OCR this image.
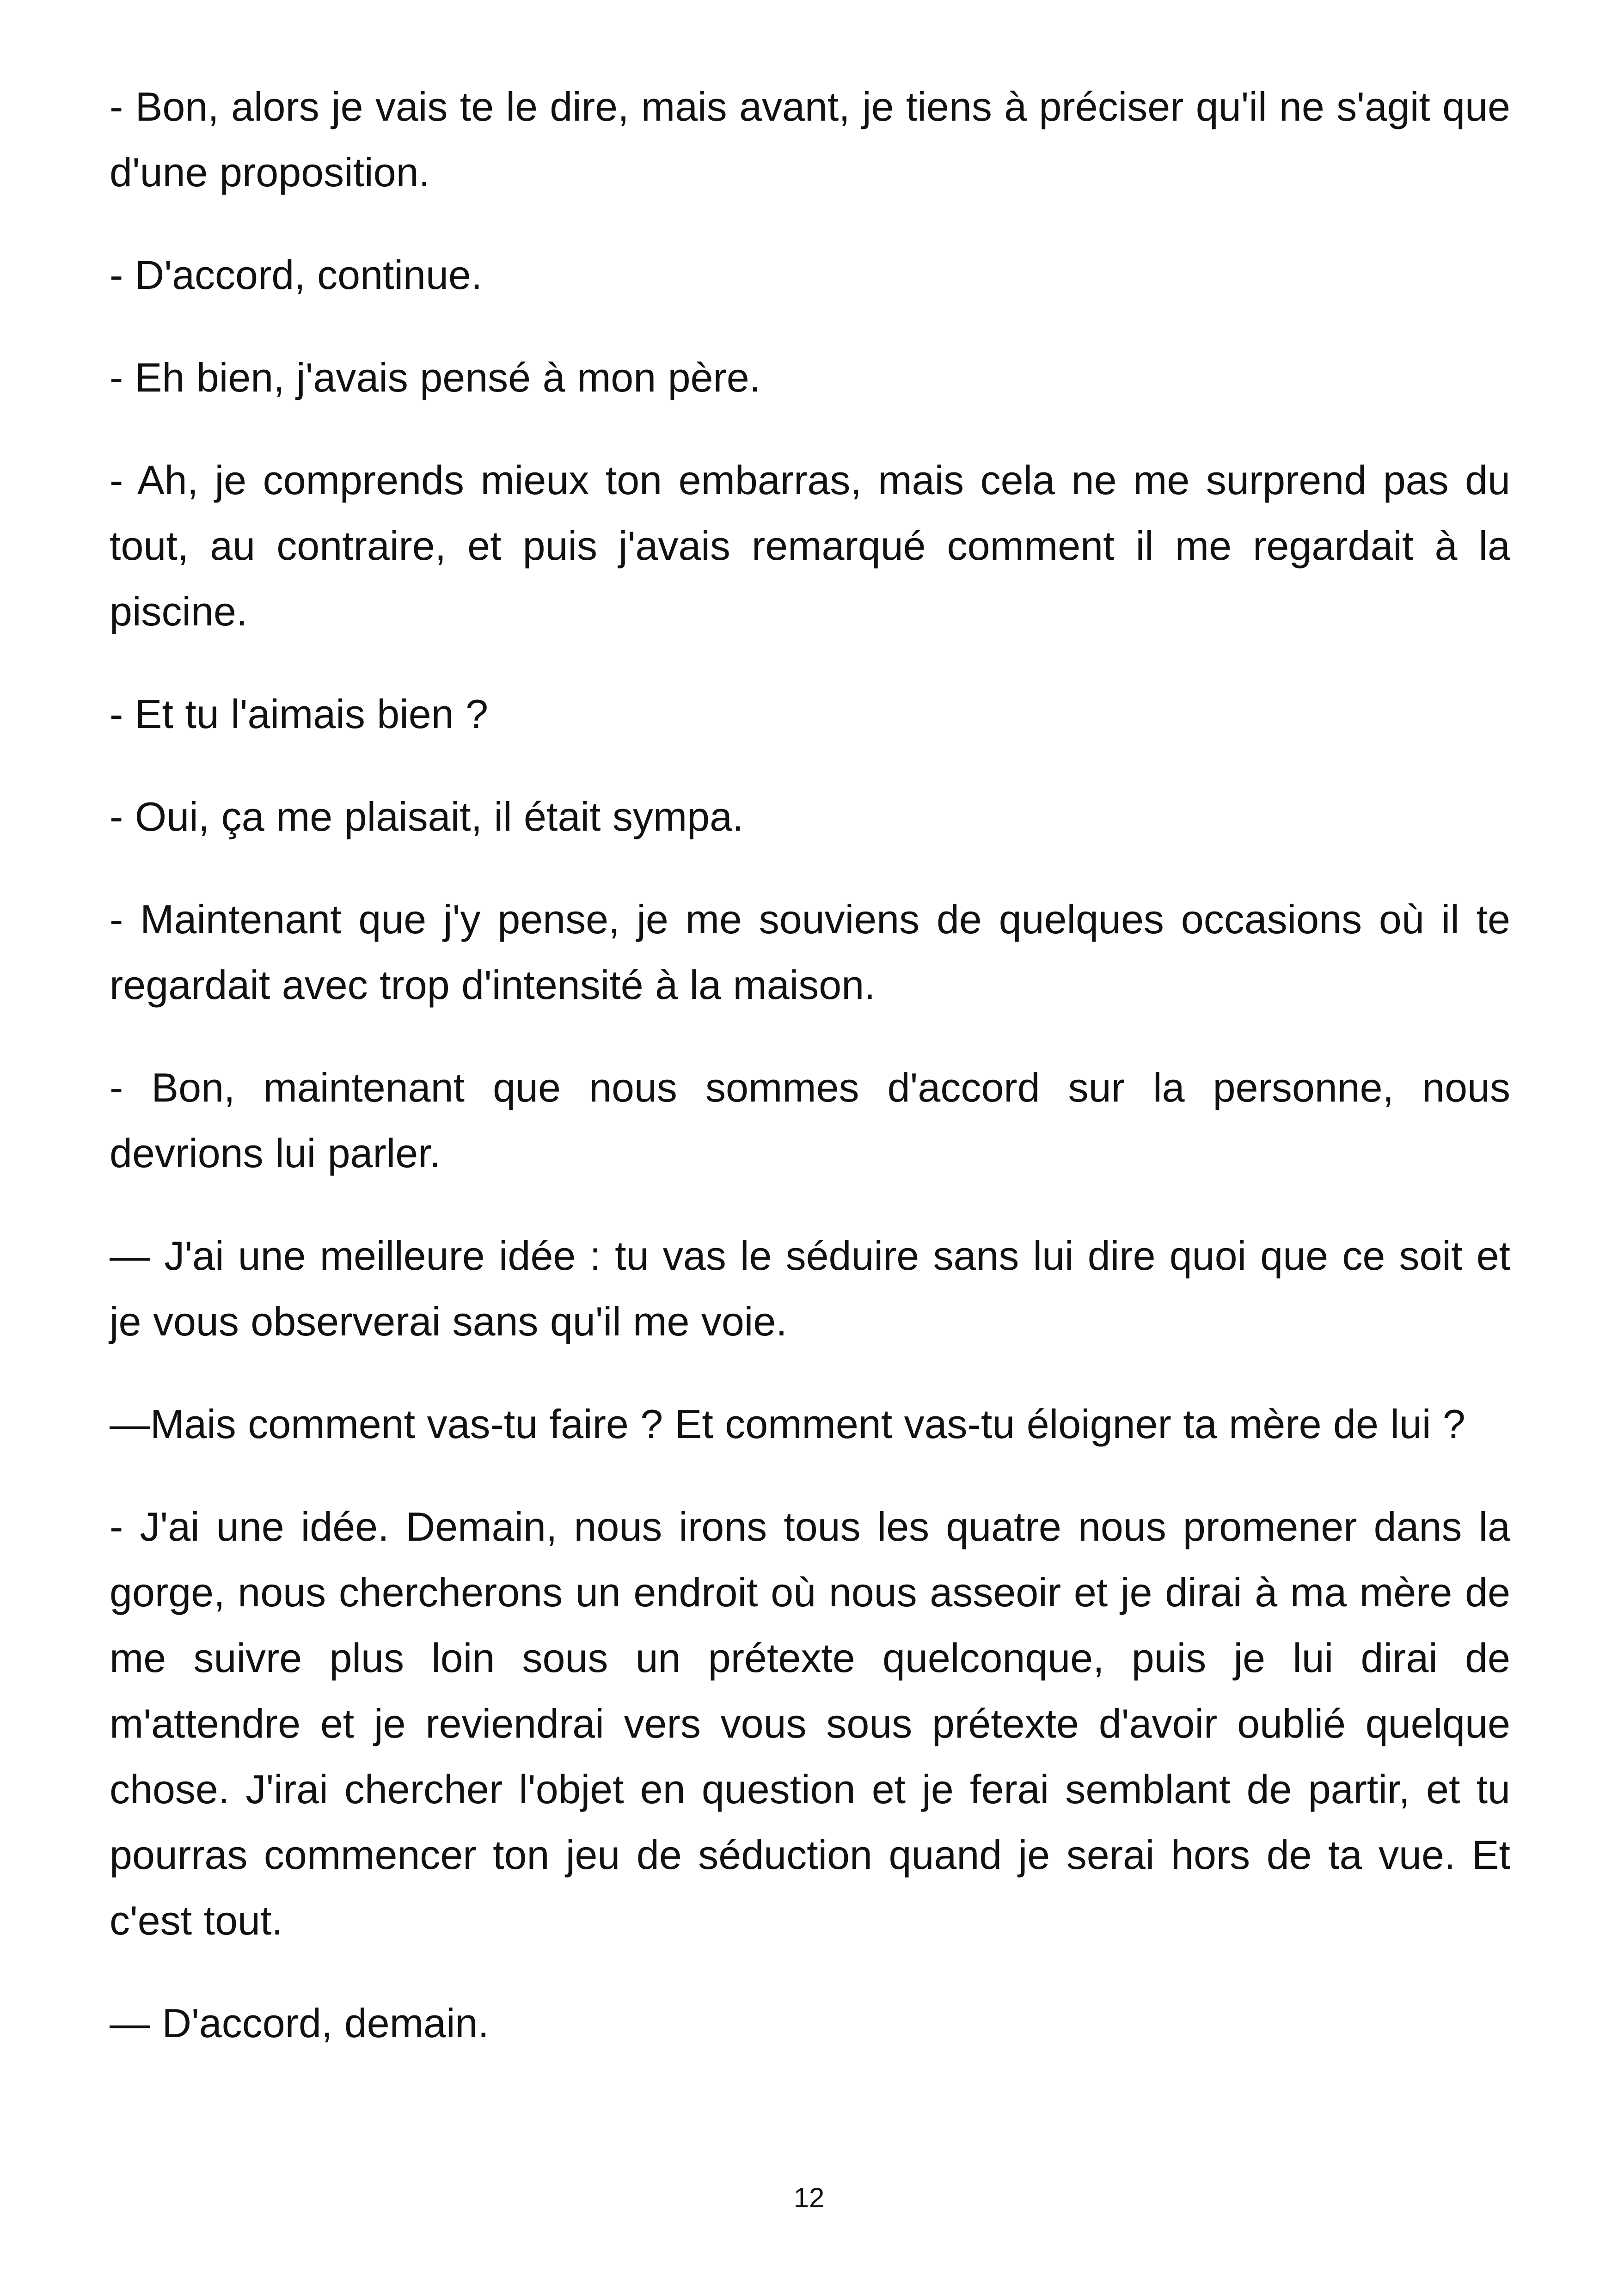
- Bon, alors je vais te le dire, mais avant, je tiens à préciser qu'il ne s'agit que d'une proposition.

- D'accord, continue.

- Eh bien, j'avais pensé à mon père.

- Ah, je comprends mieux ton embarras, mais cela ne me surprend pas du tout, au contraire, et puis j'avais remarqué comment il me regardait à la piscine.

- Et tu l'aimais bien ?

- Oui, ça me plaisait, il était sympa.

- Maintenant que j'y pense, je me souviens de quelques occasions où il te regardait avec trop d'intensité à la maison.

- Bon, maintenant que nous sommes d'accord sur la personne, nous devrions lui parler.

— J'ai une meilleure idée : tu vas le séduire sans lui dire quoi que ce soit et je vous observerai sans qu'il me voie.

—Mais comment vas-tu faire ? Et comment vas-tu éloigner ta mère de lui ?

- J'ai une idée. Demain, nous irons tous les quatre nous promener dans la gorge, nous chercherons un endroit où nous asseoir et je dirai à ma mère de me suivre plus loin sous un prétexte quelconque, puis je lui dirai de m'attendre et je reviendrai vers vous sous prétexte d'avoir oublié quelque chose. J'irai chercher l'objet en question et je ferai semblant de partir, et tu pourras commencer ton jeu de séduction quand je serai hors de ta vue. Et c'est tout.

— D'accord, demain.

12
